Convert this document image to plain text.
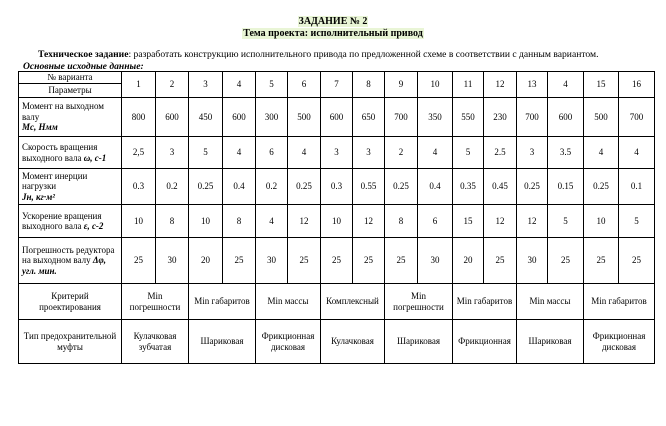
ЗАДАНИЕ № 2
Тема проекта: исполнительный привод
Техническое задание: разработать конструкцию исполнительного привода по предложенной схеме в соответствии с данным вариантом.
Основные исходные данные:
№ варианта	1	2	3	4	5	6	7	8	9	10	11	12	13	4	15	16
Параметры																
Момент на выходном валу
Mс, Нмм	800	600	450	600	300	500	600	650	700	350	550	230	700	600	500	700
Скорость вращения выходного вала ω, с-1	2,5	3	5	4	6	4	3	3	2	4	5	2.5	3	3.5	4	4
Момент инерции нагрузки
Jн, кг·м²	0.3	0.2	0.25	0.4	0.2	0.25	0.3	0.55	0.25	0.4	0.35	0.45	0.25	0.15	0.25	0.1
Ускорение вращения выходного вала ε, с-2	10	8	10	8	4	12	10	12	8	6	15	12	12	5	10	5
Погрешность редуктора на выходном валу Δφ, угл. мин.	25	30	20	25	30	25	25	25	25	30	20	25	30	25	25	25
Критерий проектирования	Min погрешности		Min габаритов		Min массы		Комплексный		Min погрешности		Min габаритов		Min массы		Min габаритов	
Тип предохранительной муфты	Кулачковая зубчатая		Шариковая		Фрикционная дисковая		Кулачковая		Шариковая		Фрикционная		Шариковая		Фрикционная дисковая	
